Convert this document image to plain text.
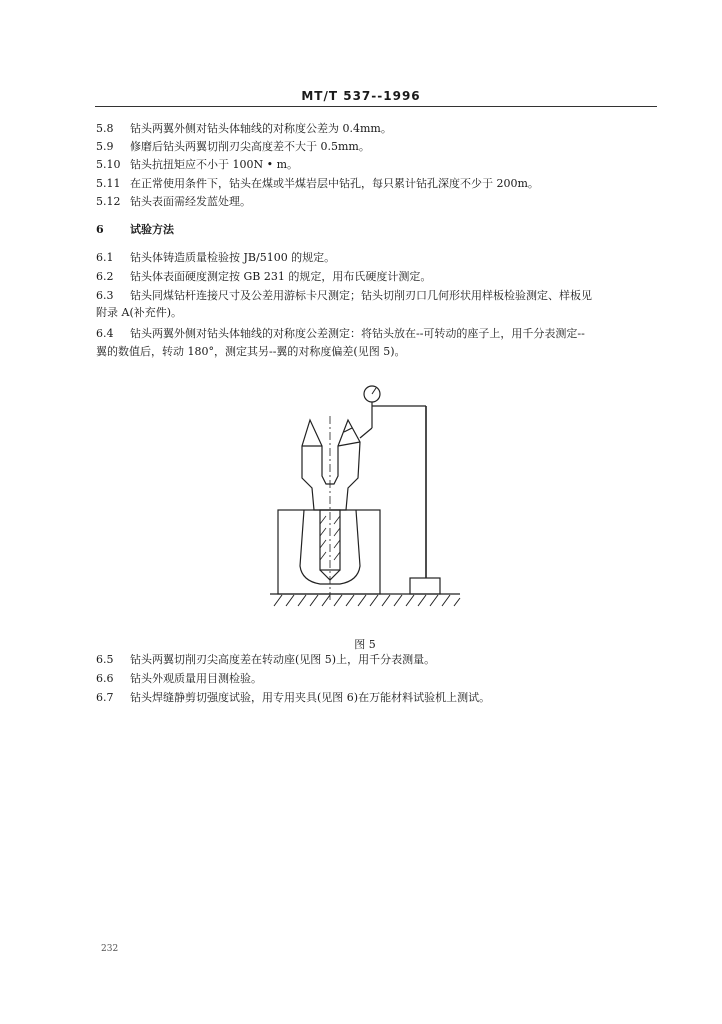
MT/T 537--1996
5.8 钻头两翼外侧对钻头体轴线的对称度公差为 0.4mm。
5.9 修磨后钻头两翼切削刃尖高度差不大于 0.5mm。
5.10 钻头抗扭矩应不小于 100N • m。
5.11 在正常使用条件下，钻头在煤或半煤岩层中钻孔，每只累计钻孔深度不少于 200m。
5.12 钻头表面需经发蓝处理。
6 试验方法
6.1 钻头体铸造质量检验按 JB/5100 的规定。
6.2 钻头体表面硬度测定按 GB 231 的规定，用布氏硬度计测定。
6.3 钻头同煤钻杆连接尺寸及公差用游标卡尺测定；钻头切削刃口几何形状用样板检验测定、样板见
附录 A(补充件)。
6.4 钻头两翼外侧对钻头体轴线的对称度公差测定：将钻头放在--可转动的座子上，用千分表测定--
翼的数值后，转动 180°，测定其另--翼的对称度偏差(见图 5)。
图 5
6.5 钻头两翼切削刃尖高度差在转动座(见图 5)上，用千分表测量。
6.6 钻头外观质量用目测检验。
6.7 钻头焊缝静剪切强度试验，用专用夹具(见图 6)在万能材料试验机上测试。
232
